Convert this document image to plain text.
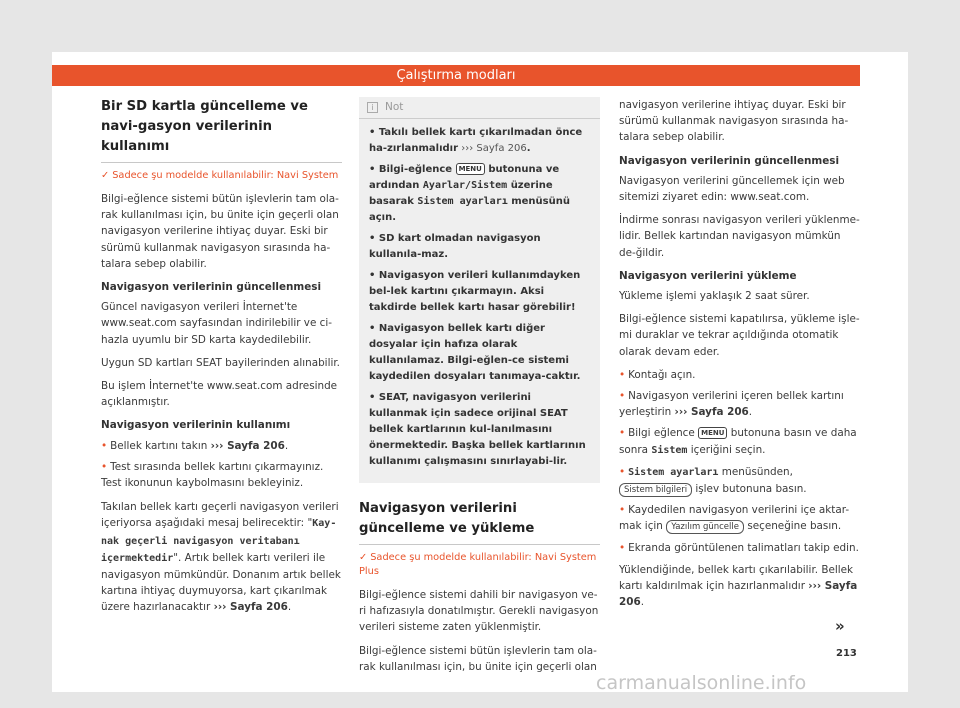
Çalıştırma modları
Bir SD kartla güncelleme ve navi-gasyon verilerinin kullanımı
✓ Sadece şu modelde kullanılabilir: Navi System

Bilgi-eğlence sistemi bütün işlevlerin tam ola-rak kullanılması için, bu ünite için geçerli olan navigasyon verilerine ihtiyaç duyar. Eski bir sürümü kullanmak navigasyon sırasında ha-talara sebep olabilir.

Navigasyon verilerinin güncellenmesi

Güncel navigasyon verileri İnternet'te www.seat.com sayfasından indirilebilir ve ci-hazla uyumlu bir SD karta kaydedilebilir.

Uygun SD kartları SEAT bayilerinden alınabilir.

Bu işlem İnternet'te www.seat.com adresinde açıklanmıştır.

Navigasyon verilerinin kullanımı
• Bellek kartını takın ››› Sayfa 206.
• Test sırasında bellek kartını çıkarmayınız. Test ikonunun kaybolmasını bekleyiniz.

Takılan bellek kartı geçerli navigasyon verileri içeriyorsa aşağıdaki mesaj belirecektir: "Kay-nak geçerli navigasyon veritabanı içermektedir". Artık bellek kartı verileri ile navigasyon mümkündür. Donanım artık bellek kartına ihtiyaç duymuyorsa, kart çıkarılmak üzere hazırlanacaktır ››› Sayfa 206.

i	Not
• Takılı bellek kartı çıkarılmadan önce ha-zırlanmalıdır ››› Sayfa 206.
• Bilgi-eğlence MENU butonuna ve ardından Ayarlar/Sistem üzerine basarak Sistem ayarları menüsünü açın.
• SD kart olmadan navigasyon kullanıla-maz.
• Navigasyon verileri kullanımdayken bel-lek kartını çıkarmayın. Aksi takdirde bellek kartı hasar görebilir!
• Navigasyon bellek kartı diğer dosyalar için hafıza olarak kullanılamaz. Bilgi-eğlen-ce sistemi kaydedilen dosyaları tanımaya-caktır.
• SEAT, navigasyon verilerini kullanmak için sadece orijinal SEAT bellek kartlarının kul-lanılmasını önermektedir. Başka bellek kartlarının kullanımı çalışmasını sınırlayabi-lir.
Navigasyon verilerini güncelleme ve yükleme
✓ Sadece şu modelde kullanılabilir: Navi System Plus

Bilgi-eğlence sistemi dahili bir navigasyon ve-ri hafızasıyla donatılmıştır. Gerekli navigasyon verileri sisteme zaten yüklenmiştir.

Bilgi-eğlence sistemi bütün işlevlerin tam ola-rak kullanılması için, bu ünite için geçerli olan

navigasyon verilerine ihtiyaç duyar. Eski bir sürümü kullanmak navigasyon sırasında ha-talara sebep olabilir.

Navigasyon verilerinin güncellenmesi

Navigasyon verilerini güncellemek için web sitemizi ziyaret edin: www.seat.com.

İndirme sonrası navigasyon verileri yüklenme-lidir. Bellek kartından navigasyon mümkün de-ğildir.

Navigasyon verilerini yükleme

Yükleme işlemi yaklaşık 2 saat sürer.

Bilgi-eğlence sistemi kapatılırsa, yükleme işle-mi duraklar ve tekrar açıldığında otomatik olarak devam eder.

• Kontağı açın.
• Navigasyon verilerini içeren bellek kartını yerleştirin ››› Sayfa 206.
• Bilgi eğlence MENU butonuna basın ve daha sonra Sistem içeriğini seçin.
• Sistem ayarları menüsünden, Sistem bilgileri işlev butonuna basın.
• Kaydedilen navigasyon verilerini içe aktar-mak için Yazılım güncelle seçeneğine basın.
• Ekranda görüntülenen talimatları takip edin.

Yüklendiğinde, bellek kartı çıkarılabilir. Bellek kartı kaldırılmak için hazırlanmalıdır ››› Sayfa 206.

»
213
carmanualsonline.info
